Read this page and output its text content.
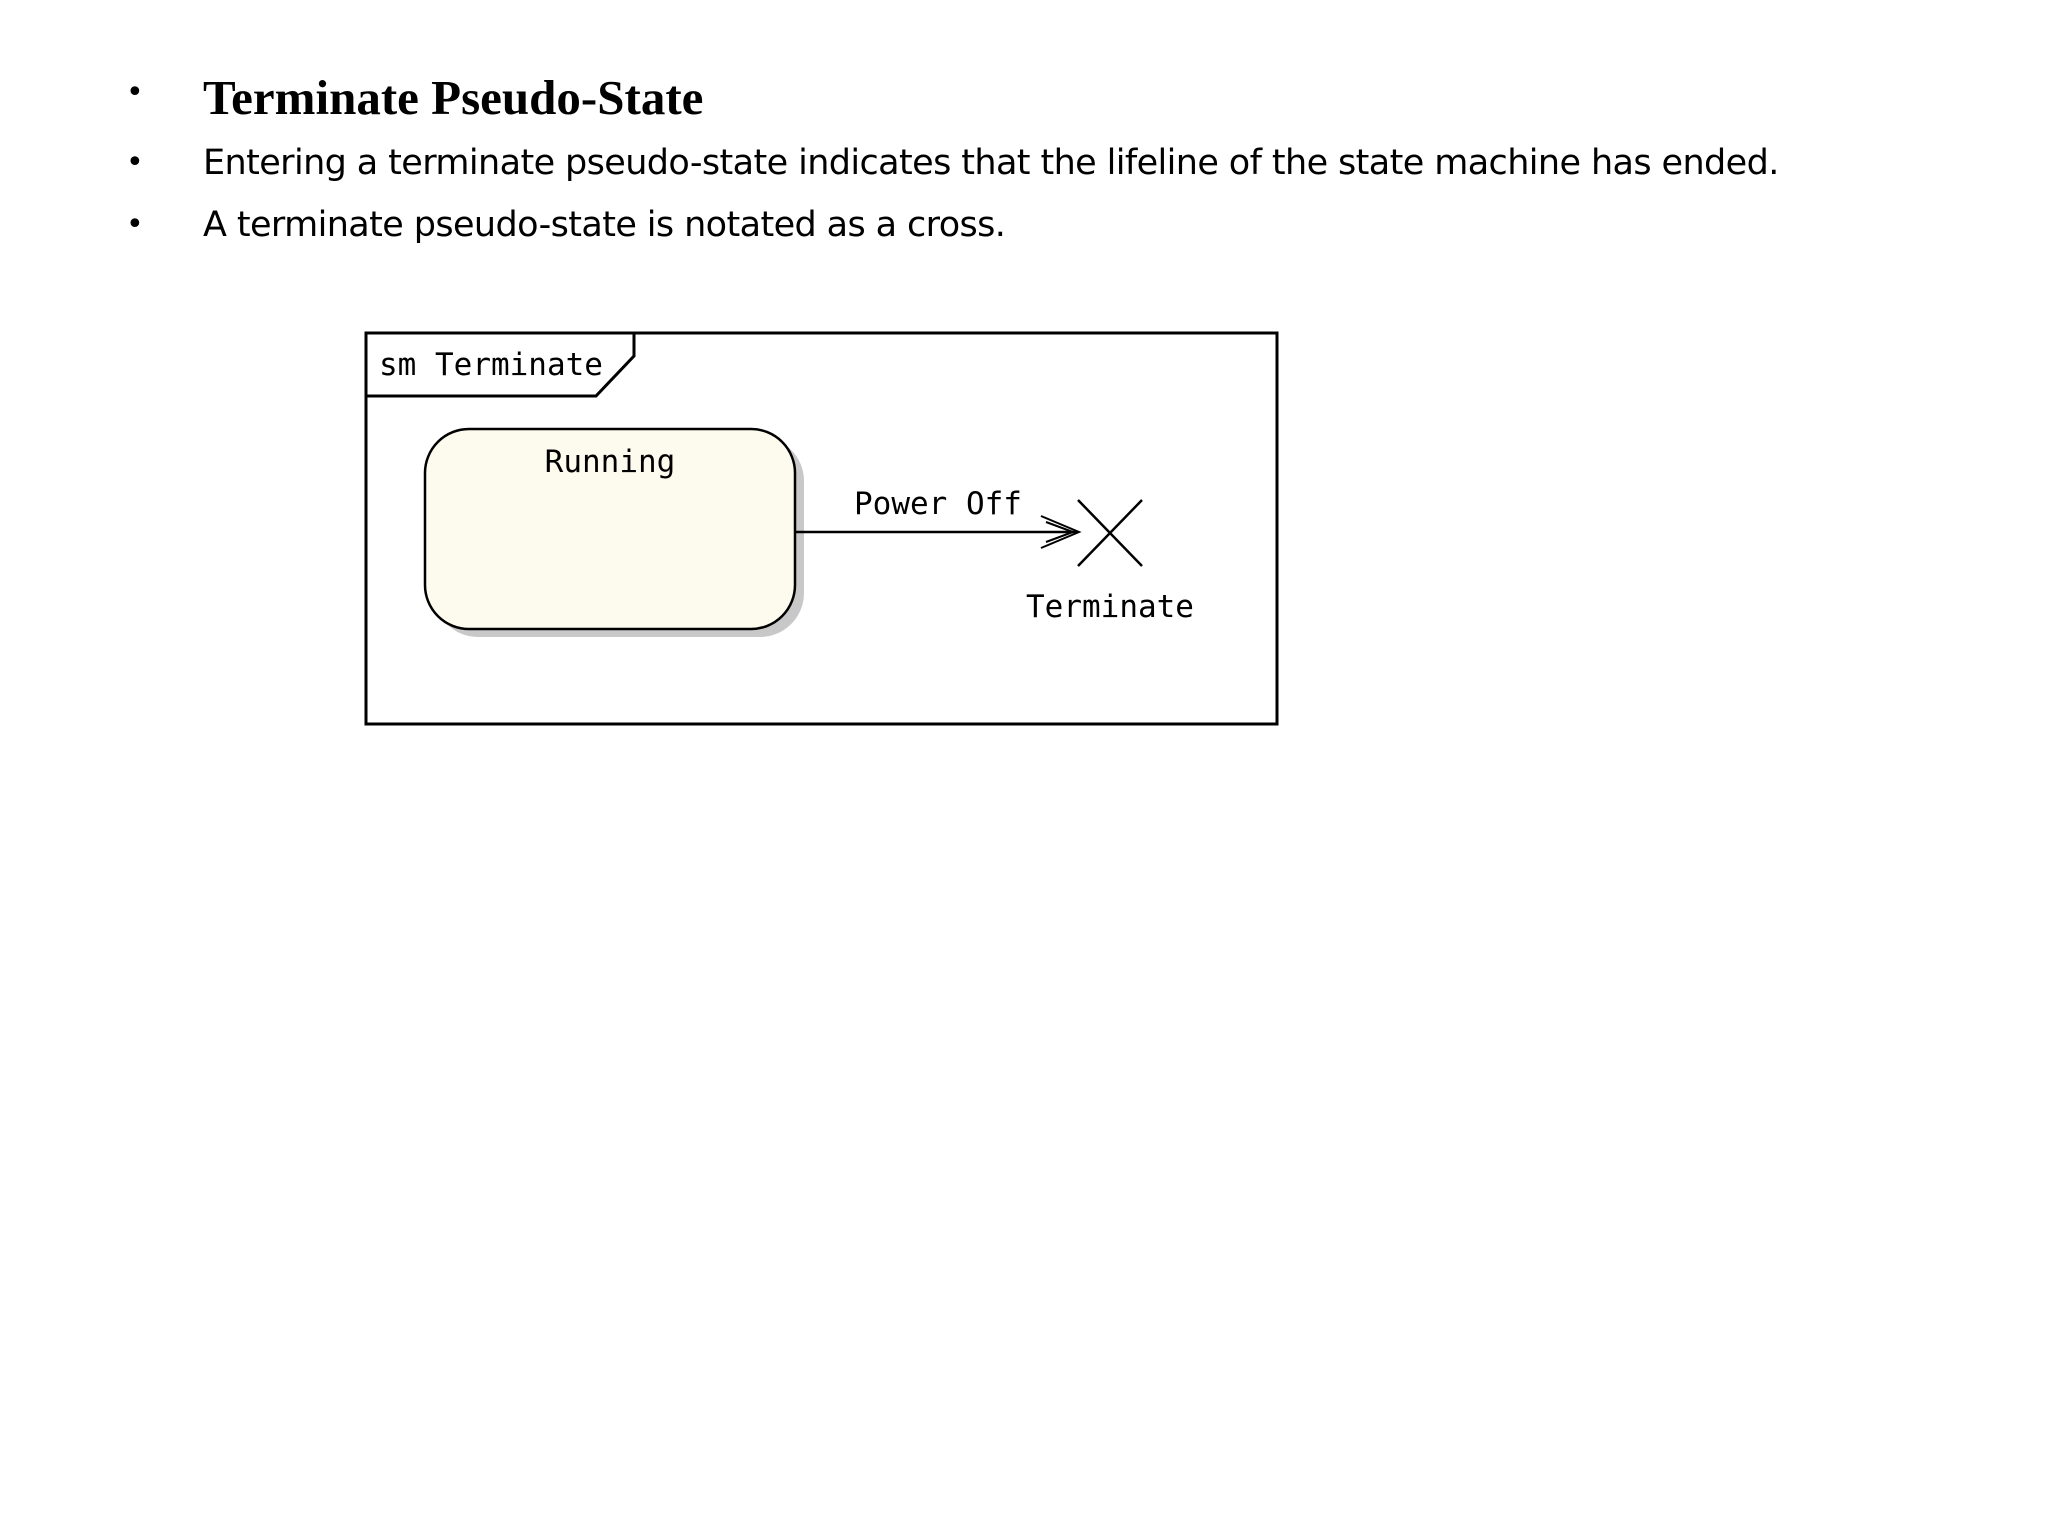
• Terminate Pseudo-State
• Entering a terminate pseudo-state indicates that the lifeline of the state machine has ended.
• A terminate pseudo-state is notated as a cross.
sm Terminate
Running
Power Off
Terminate
